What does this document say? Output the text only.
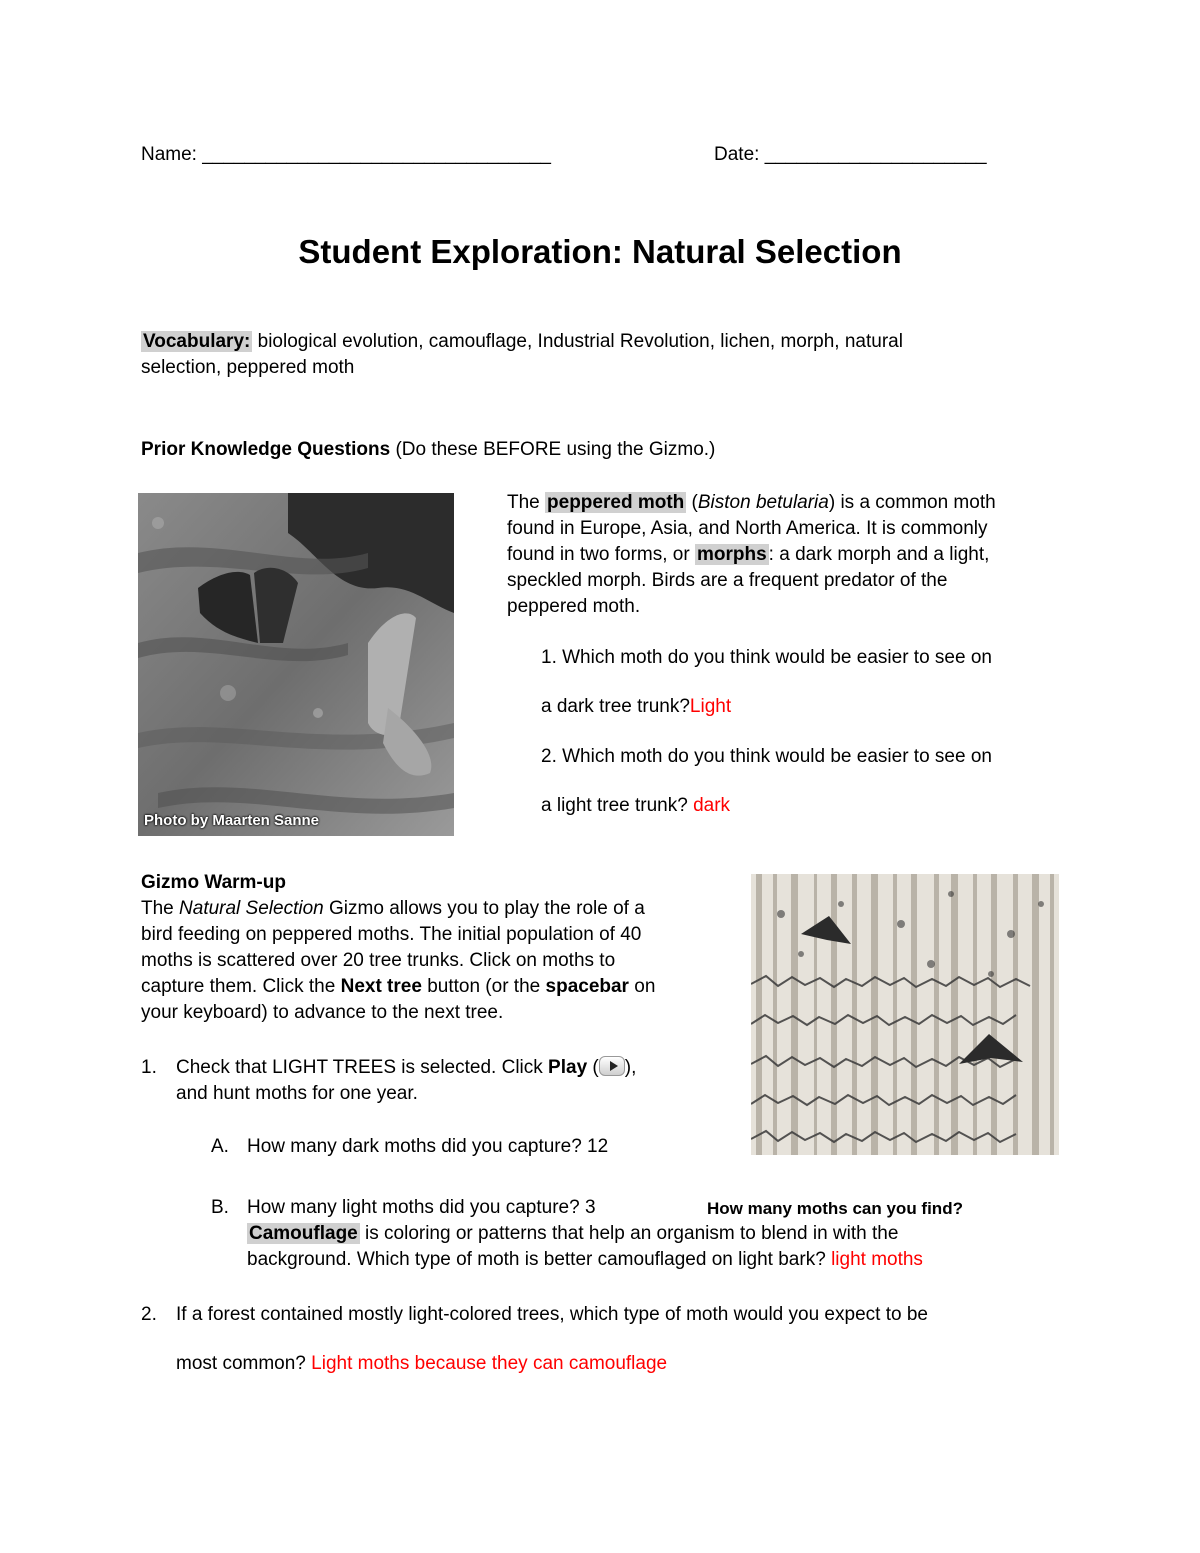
Name: _________________________________	Date: _____________________
Student Exploration: Natural Selection
Vocabulary: biological evolution, camouflage, Industrial Revolution, lichen, morph, natural
selection, peppered moth
Prior Knowledge Questions (Do these BEFORE using the Gizmo.)
Photo by Maarten Sanne
The peppered moth (Biston betularia) is a common moth
found in Europe, Asia, and North America. It is commonly
found in two forms, or morphs : a dark morph and a light,
speckled morph. Birds are a frequent predator of the
peppered moth.
1. Which moth do you think would be easier to see on
a dark tree trunk?Light
2. Which moth do you think would be easier to see on
a light tree trunk? dark
Gizmo Warm-up
The Natural Selection Gizmo allows you to play the role of a
bird feeding on peppered moths. The initial population of 40
moths is scattered over 20 tree trunks. Click on moths to
capture them. Click the Next tree button (or the spacebar on
your keyboard) to advance to the next tree.
1. Check that LIGHT TREES is selected. Click Play ( ),
and hunt moths for one year.
A. How many dark moths did you capture? 12
How many moths can you find?
B. How many light moths did you capture? 3
Camouflage is coloring or patterns that help an organism to blend in with the
background. Which type of moth is better camouflaged on light bark? light moths
2. If a forest contained mostly light-colored trees, which type of moth would you expect to be
most common? Light moths because they can camouflage
